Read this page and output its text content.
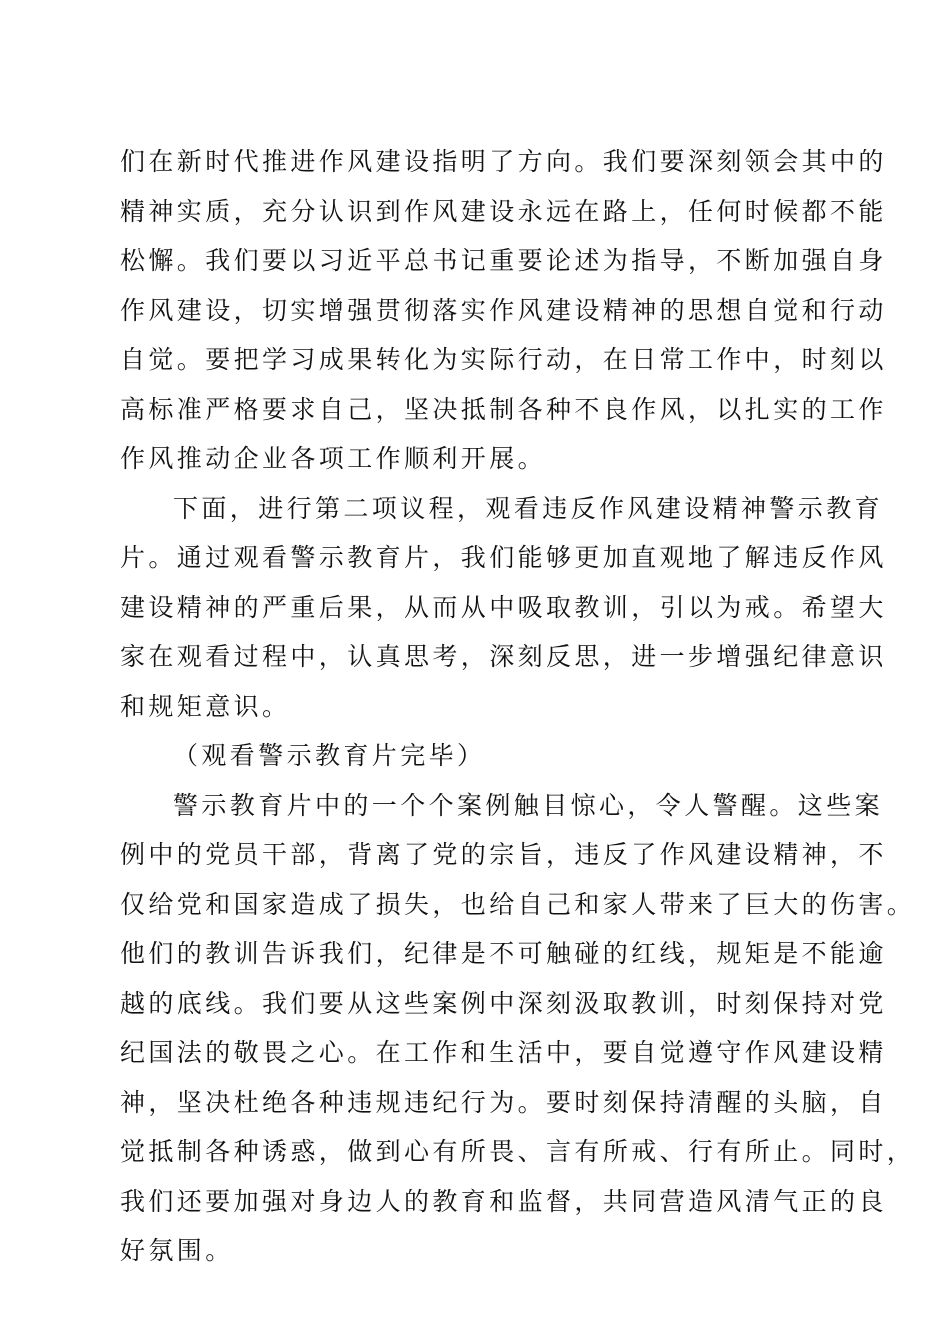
们在新时代推进作风建设指明了方向。我们要深刻领会其中的
精神实质，充分认识到作风建设永远在路上，任何时候都不能
松懈。我们要以习近平总书记重要论述为指导，不断加强自身
作风建设，切实增强贯彻落实作风建设精神的思想自觉和行动
自觉。要把学习成果转化为实际行动，在日常工作中，时刻以
高标准严格要求自己，坚决抵制各种不良作风，以扎实的工作
作风推动企业各项工作顺利开展。
下面，进行第二项议程，观看违反作风建设精神警示教育
片。通过观看警示教育片，我们能够更加直观地了解违反作风
建设精神的严重后果，从而从中吸取教训，引以为戒。希望大
家在观看过程中，认真思考，深刻反思，进一步增强纪律意识
和规矩意识。
（观看警示教育片完毕）
警示教育片中的一个个案例触目惊心，令人警醒。这些案
例中的党员干部，背离了党的宗旨，违反了作风建设精神，不
仅给党和国家造成了损失，也给自己和家人带来了巨大的伤害。
他们的教训告诉我们，纪律是不可触碰的红线，规矩是不能逾
越的底线。我们要从这些案例中深刻汲取教训，时刻保持对党
纪国法的敬畏之心。在工作和生活中，要自觉遵守作风建设精
神，坚决杜绝各种违规违纪行为。要时刻保持清醒的头脑，自
觉抵制各种诱惑，做到心有所畏、言有所戒、行有所止。同时，
我们还要加强对身边人的教育和监督，共同营造风清气正的良
好氛围。
